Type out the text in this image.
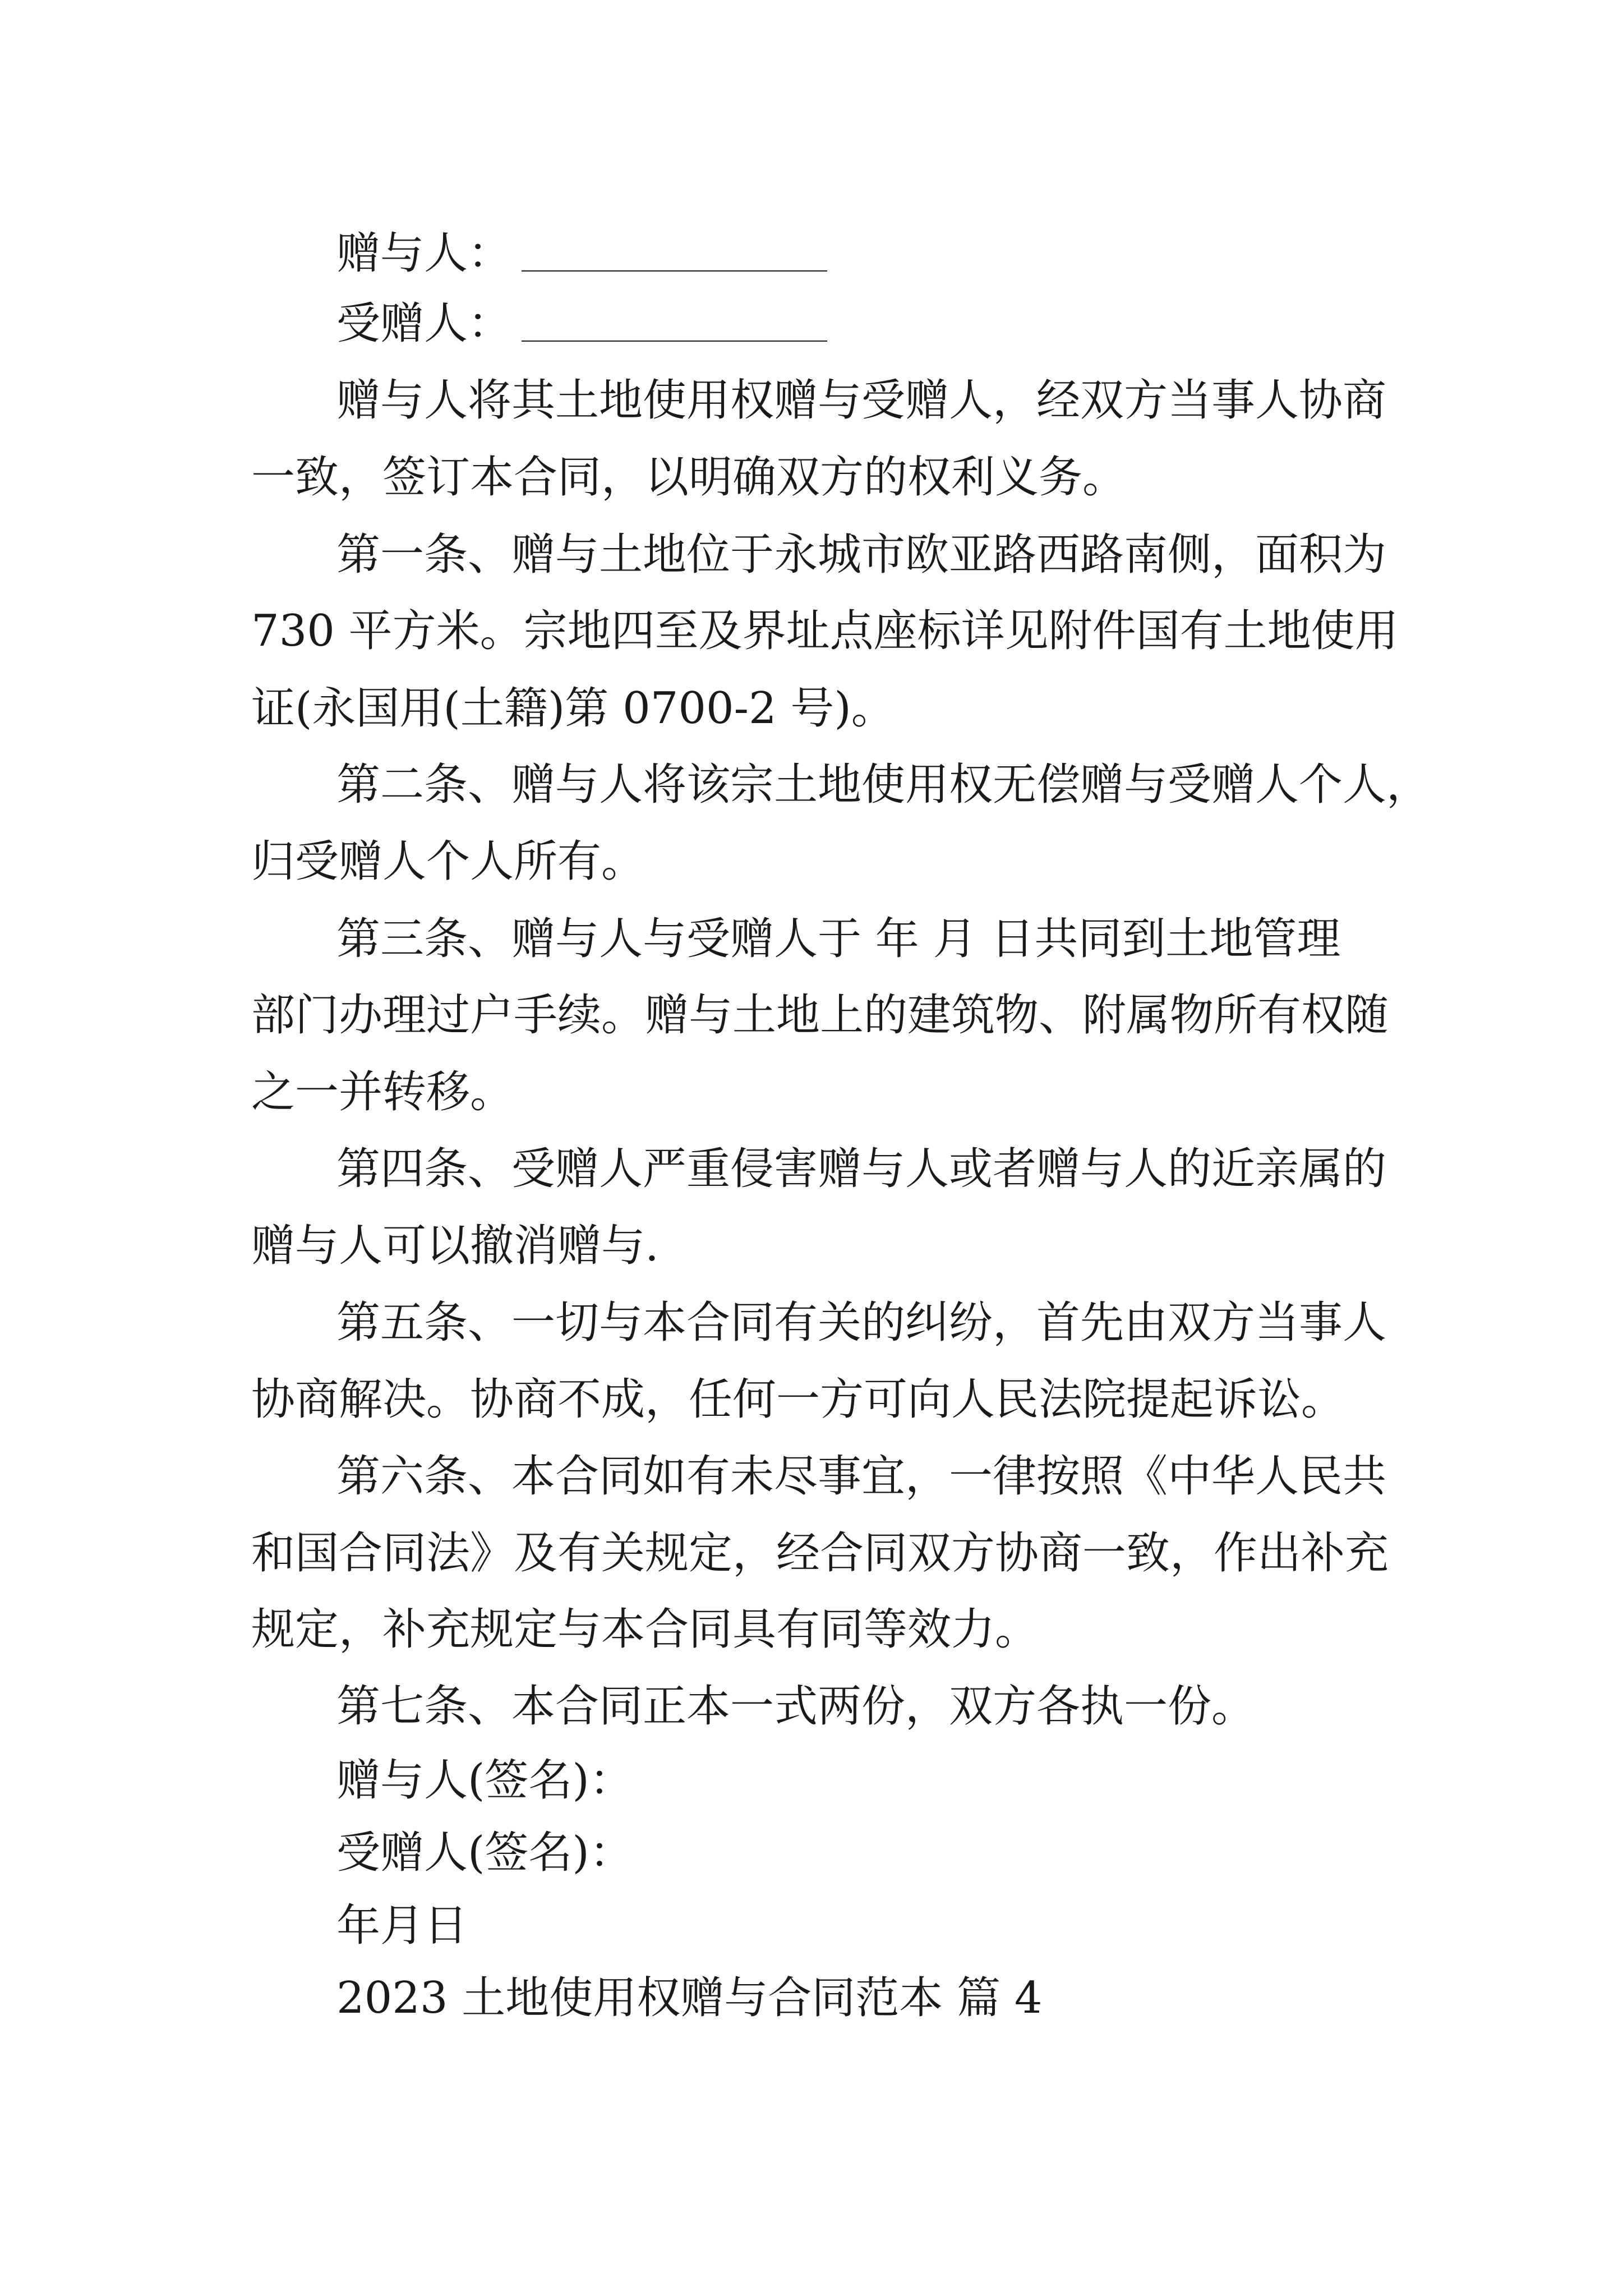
赠与人：
受赠人：
赠与人将其土地使用权赠与受赠人，经双方当事人协商
一致，签订本合同，以明确双方的权利义务。
第一条、赠与土地位于永城市欧亚路西路南侧，面积为
730 平方米。宗地四至及界址点座标详见附件国有土地使用
证(永国用(土籍)第 0700-2 号)。
第二条、赠与人将该宗土地使用权无偿赠与受赠人个人，
归受赠人个人所有。
第三条、赠与人与受赠人于 年 月 日共同到土地管理
部门办理过户手续。赠与土地上的建筑物、附属物所有权随
之一并转移。
第四条、受赠人严重侵害赠与人或者赠与人的近亲属的
赠与人可以撤消赠与.
第五条、一切与本合同有关的纠纷，首先由双方当事人
协商解决。协商不成，任何一方可向人民法院提起诉讼。
第六条、本合同如有未尽事宜，一律按照《中华人民共
和国合同法》及有关规定，经合同双方协商一致，作出补充
规定，补充规定与本合同具有同等效力。
第七条、本合同正本一式两份，双方各执一份。
赠与人(签名)：
受赠人(签名)：
年月日
2023 土地使用权赠与合同范本 篇 4
